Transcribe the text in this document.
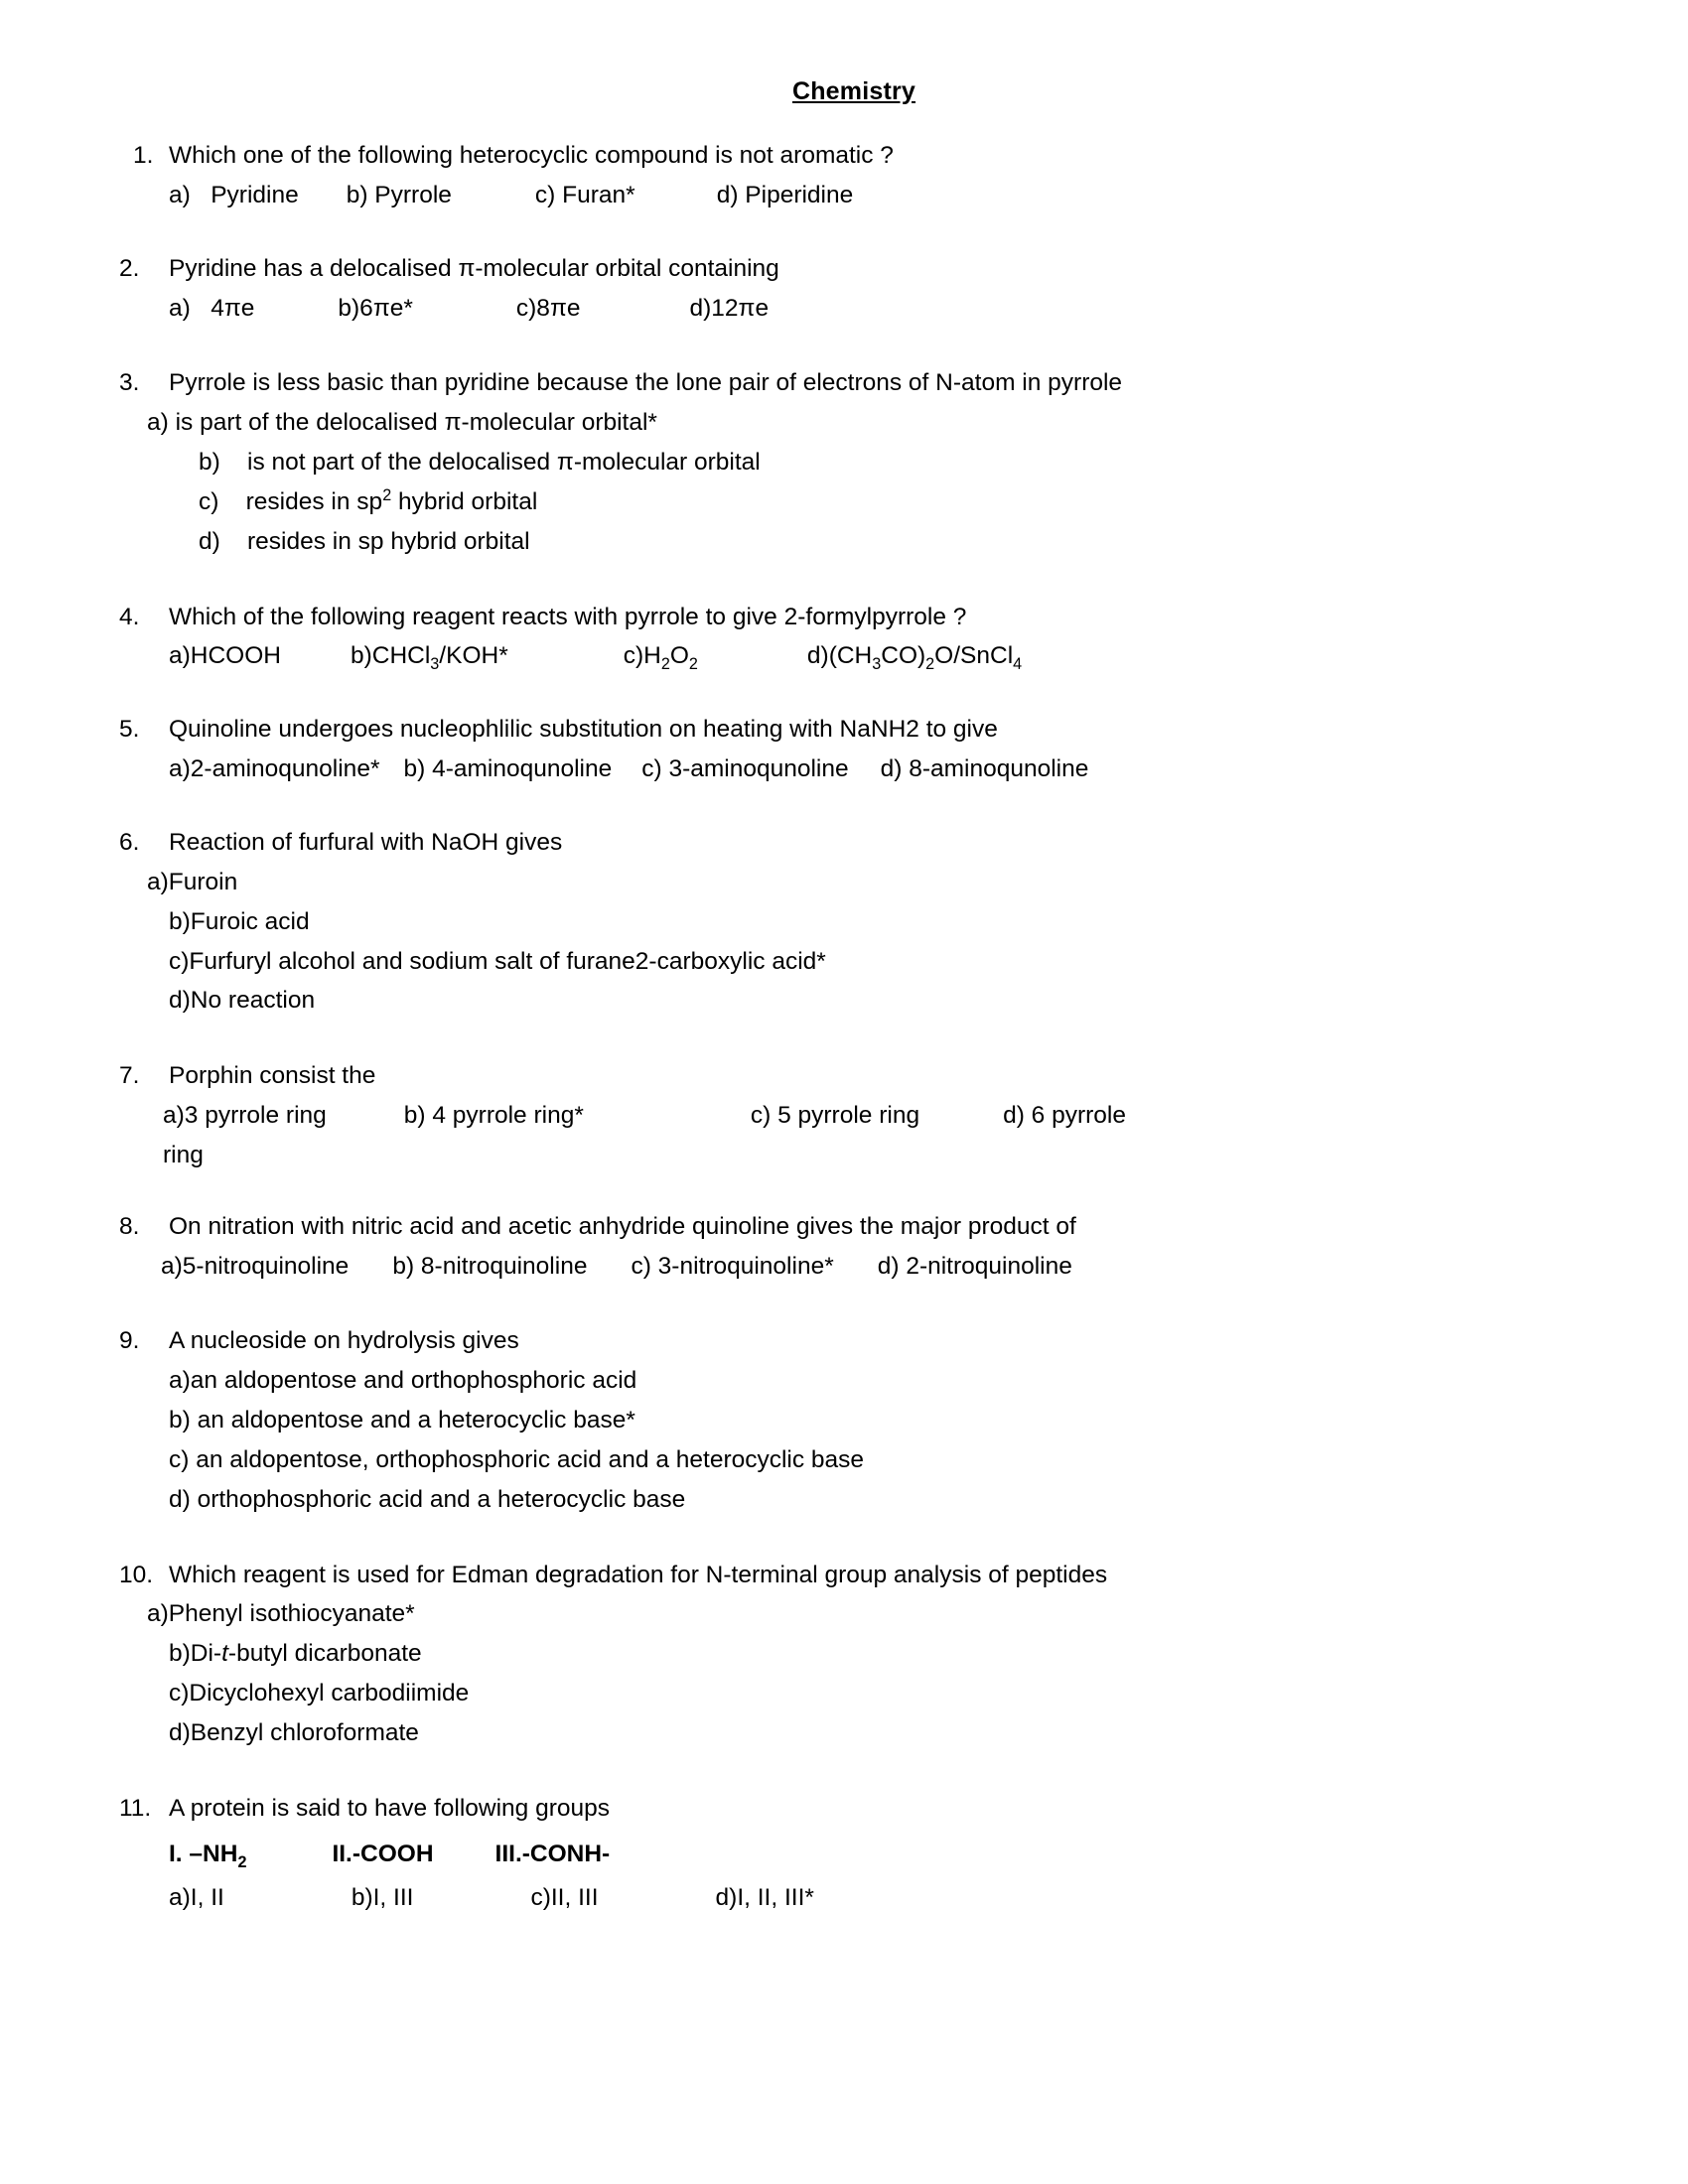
Chemistry
1. Which one of the following heterocyclic compound is not aromatic ?
a)   Pyridine b) Pyrrole	c) Furan*	d) Piperidine
2.	Pyridine has a delocalised π-molecular orbital containing
a)   4πe	b)6πe*	c)8πe	d)12πe
3.	Pyrrole is less basic than pyridine because the lone pair of electrons of N-atom in pyrrole
a) is part of the delocalised π-molecular orbital*
b)    is not part of the delocalised π-molecular orbital
c)    resides in $sp^2$ hybrid orbital
d)    resides in sp hybrid orbital
4.	Which of the following reagent reacts with pyrrole to give 2-formylpyrrole ?
a)HCOOH	b)CHCl$_3$/KOH*	$c)H_2O_2$	$d)(CH_3CO)_2O/SnCl_4$
5.	Quinoline undergoes nucleophlilic substitution on heating with NaNH2 to give
a)2-aminoqunoline* b) 4-aminoqunoline c) 3-aminoqunoline d) 8-aminoqunoline
6.	Reaction of furfural with NaOH gives
a)Furoin
b)Furoic acid
c)Furfuryl alcohol and sodium salt of furane2-carboxylic acid*
d)No reaction
7.	Porphin consist the
a)3 pyrrole ring	b) 4 pyrrole ring*	c) 5 pyrrole ring	d) 6 pyrrole
ring
8.	On nitration with nitric acid and acetic anhydride quinoline gives the major product of
a)5-nitroquinoline b) 8-nitroquinoline c) 3-nitroquinoline* d) 2-nitroquinoline
9.	A nucleoside on hydrolysis gives
a)an aldopentose and orthophosphoric acid
b) an aldopentose and a heterocyclic base*
c) an aldopentose, orthophosphoric acid and a heterocyclic base
d) orthophosphoric acid and a heterocyclic base
10. Which reagent is used for Edman degradation for N-terminal group analysis of peptides
a)Phenyl isothiocyanate*
b)Di-t-butyl dicarbonate
c)Dicyclohexyl carbodiimide
d)Benzyl chloroformate
11. A protein is said to have following groups
I. $-NH_2$	II.-COOH	III.-CONH-
a)I, II	b)I, III	c)II, III	d)I, II, III*
